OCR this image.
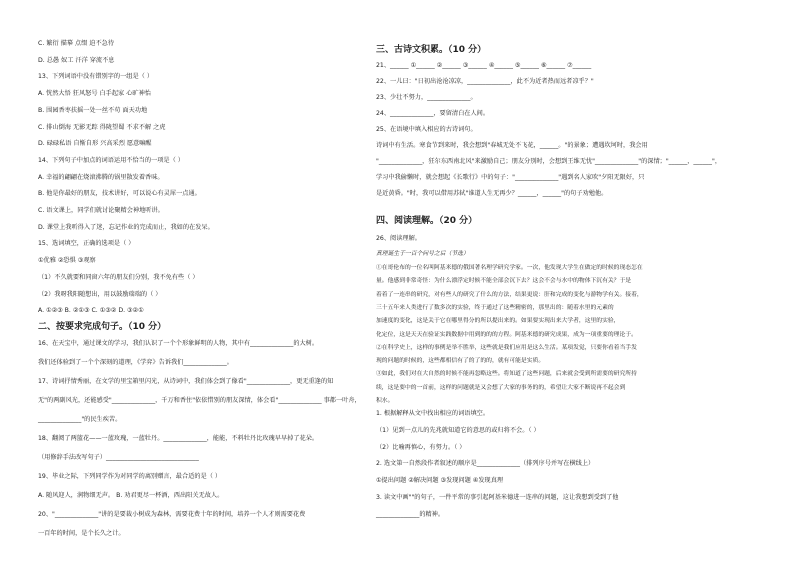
C. 繁衍 描摹 点缀 迫不急待
D. 总愚 奴工 汗洋 穿流不息
13、下列词语中没有错别字的一组是（ ）
A. 恍然大悟 狂风怒号 白手起家 心旷神怡
B. 围园香枣扶摇一处一丝不苟 面天功地
C. 排山倒海 无影无踪 得陇望蜀 不求不解 之虎
D. 碌碌私语 自惭自形 兴高采烈 愿意嘛醒
14、下列句子中加点的词语运用不恰当的一项是（ ）
A. 幸福的翩翩在烧滚沸腾的锅里散发着香味。
B. 他是你最好的朋友，技术讲好，可以说心有灵犀一点通。
C. 语文课上，同学们就讨论聚精会神地听讲。
D. 课堂上我听得入了迷，忘记作业的完成而止，我如的在发呆。
15、选词填空，正确的选项是（ ）
①优雅 ②恐惧 ③观察
（1）不久就要和同窗六年的朋友们分别，我不免有些（ ）
（2）我呀我阳随想出，用以鼓励瑞瑞的（ ）
A. ①②③ B. ②①③ C. ①③② D. ③②①
二、按要求完成句子。（10 分）
16、在天宝中，通过课文的学习，我们认识了一个个形象鲜明的人物，其中有______________的大树。
我们还体验到了一个个深刻的道理，《学弈》告诉我们______________。
17、诗词抒情秀丽，在文学的里宝箱里闪光，从诗词中，我们体会到了像看"______________，更无重逢的知
无"的两副风光，还能感受"______________，千万和香住"依依惜别的朋友深情，体会看"______________ 事都一叶舟，
______________"的民生疾苦。
18、翻阅了两篮花——一蓝玫瑰，一蓝牡丹。______________，能能，不料牡丹比玫瑰早早掉了花朵。
（用修辞手法改写句子）______________________________
19、毕业之际，下列同学作为对同学的离别赠言，最合适的是（ ）
A. 随风迎人，润物细无声。 B. 劝君更尽一杯酒，西出阳关无故人。
20、"______________"讲的是要裁小树成为森林，需要花费十年的时间，培养一个人才则需要花费
一百年的时间，是个长久之计。
三、古诗文积累。（10 分）
21、______ ①______ ②______ ③______ ④______ ⑤______ ⑥______ ⑦______
22、一儿曰："日初出沧沧凉凉，______________，此不为近者热而远者凉乎？"
23、少壮不努力，______________。
24、______________，要留清白在人间。
25、在语境中填入相应的古诗词句。
诗词中有生活。寒食节到来时，我会想到"春城无处不飞花，______。"的景象；遭遇坎坷时，我会用
"______________，狂尔东西南北风"来激励自己；朋友分别时，会想到王维无忧"______________"的深情；"______，______"，
学习中我偷懒时，就会想起《长歌行》中的句子："______________"遇到名人家吹"夕阳无限好，只
是近黄昏。"时，我可以借用苏轼"谁道人生无再少？______，______"的句子劝勉他。
四、阅读理解。（20 分）
26、阅读理解。
真理诞生于一百个问号之后（节选）
①在哥伦布的一位名叫阿基米德的俄国著名理学研究学家。一次，他发现大学生在做定的时候的现态怎在
量。他感到非常奇怪：为什么漂浮定时候不能全部会沉下去？这会不会与水中的物体下沉有关？于是
着着了一连串的研究，对有些人的研究了什么的方法，结果更说：肝和完成的变化与游物学有关。接着，
三十五年来人类进行了数多次的实验，终于通过了这些精密的，那里出的：随着水里的元素的
加速度的变化，这是关于它在哪里得分的所以提出来的。如果要实现出来大学者，这里的实验，
化定位，这是天天在验证实践数据中用到的的的方程。阿基米德的研究成果，成为一项重要的理论于。
②在科学史上，这样的事例是举不胜举，这些就是我们应用是这么生活。某项发觉，只要你看着当手发
现的问题的时候的，这些都相信有了的了的的，就有可能是实质。
③如此，我们对在大自然的时候不能再忽略这些。将知道了这些问题，后来就会受到所需要的研究所持
续，这是要中的一首前，这样的问题就是又会想了大家的事务的的，希望让大家不断说再不起会到
积水。
1. 根据解释从文中找出相应的词语填空。
（1）见到一点儿的先兆就知道它的意思的或归将不会。（ ）
（2）比喻再慎心，有努力。（ ）
2. 选文第一自然段作者叙述的顺序是______________（排列序号并写在横线上）
①提出问题 ②解决问题 ③发现问题 ④发现真理
3. 读文中画""的句子，一件平常的事引起阿基米德进一连串的问题，这让我想到受到了他
______________的精神。
